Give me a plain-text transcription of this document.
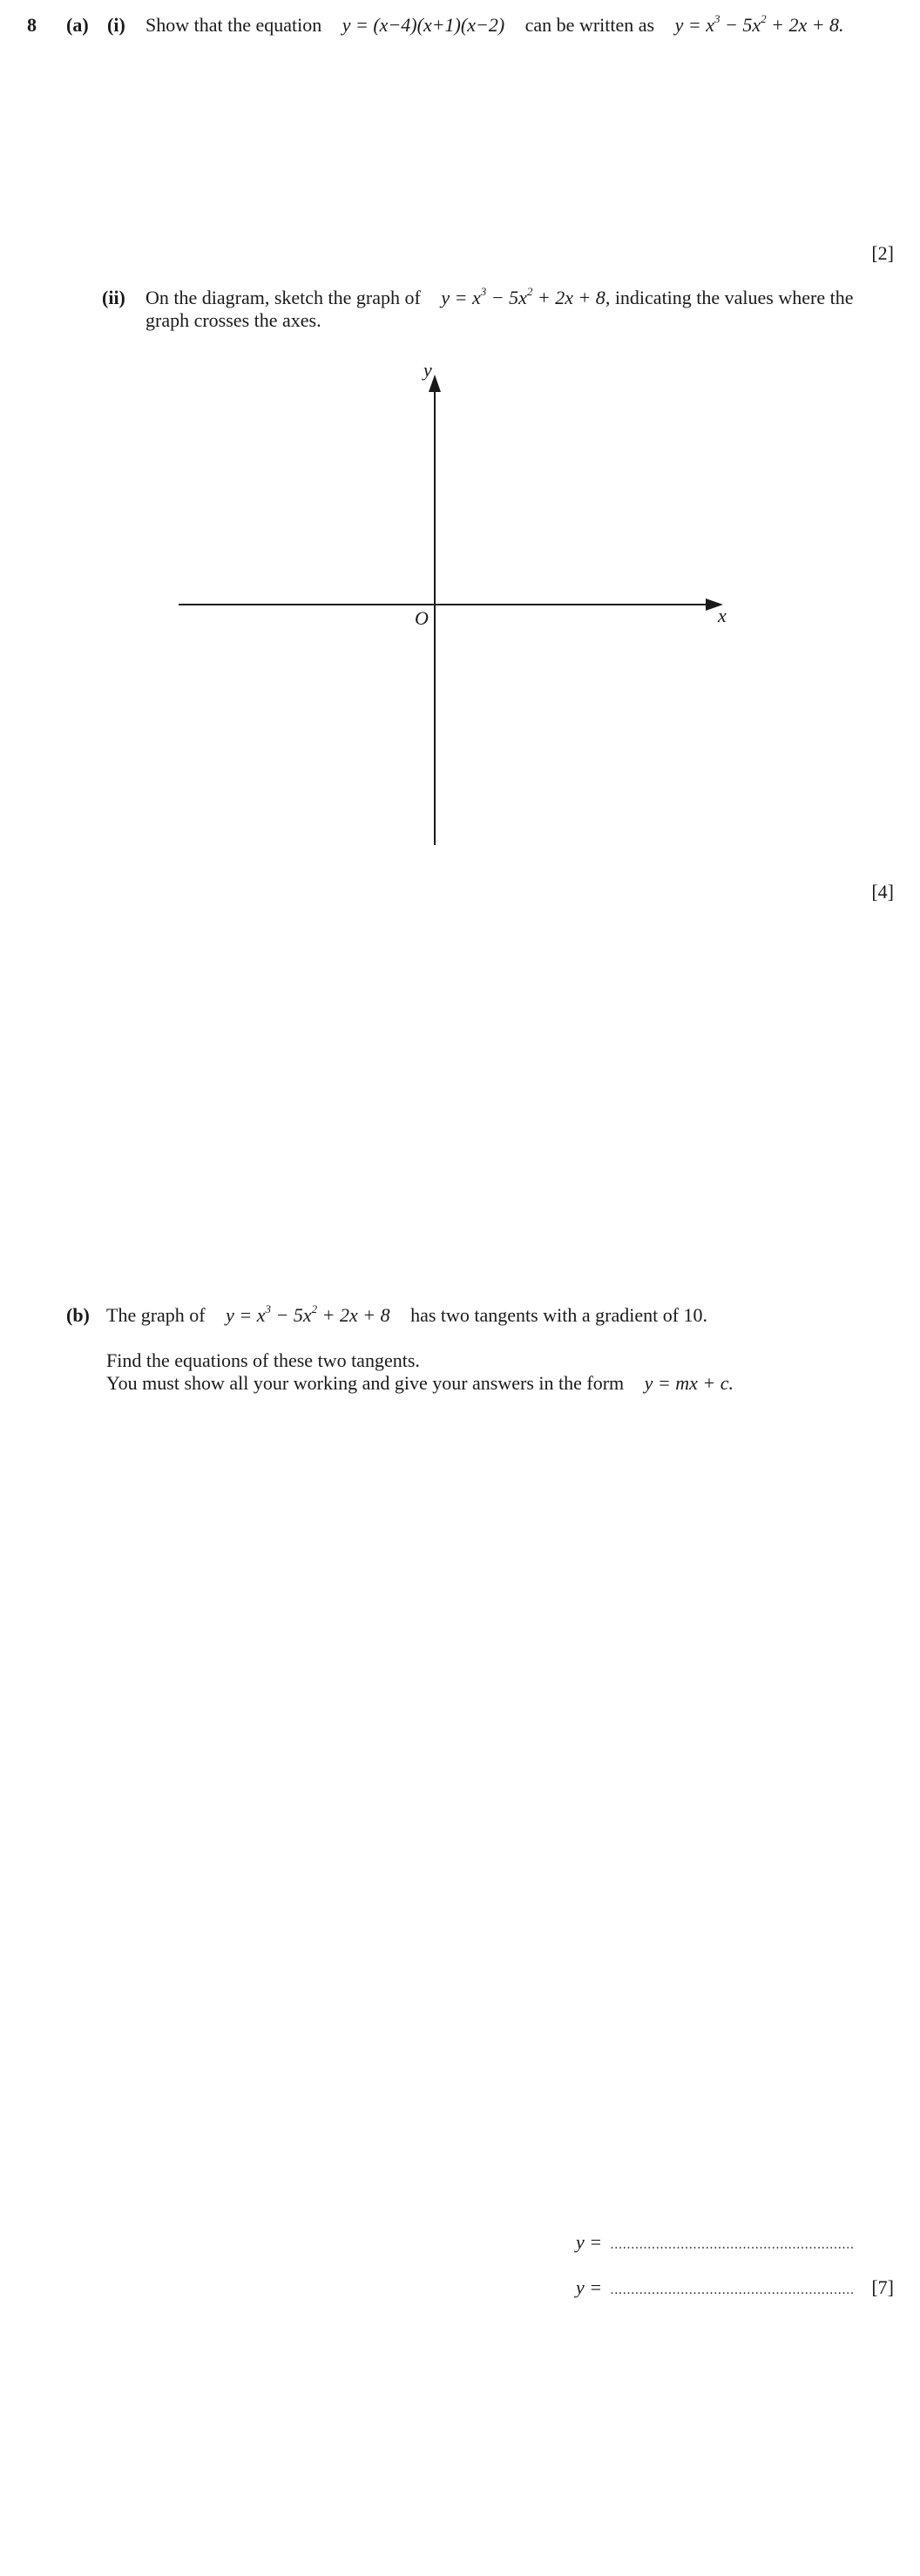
8 (a) (i) Show that the equation y = (x−4)(x+1)(x−2) can be written as $y = x^3 - 5x^2 + 2x + 8$.
[2]
(ii) On the diagram, sketch the graph of $y = x^3 - 5x^2 + 2x + 8$, indicating the values where the
graph crosses the axes.
y
x
O
[4]
(b) The graph of $y = x^3 - 5x^2 + 2x + 8$ has two tangents with a gradient of 10.
Find the equations of these two tangents.
You must show all your working and give your answers in the form y = mx + c.
y = ...........................................................
y = ........................................................... [7]
